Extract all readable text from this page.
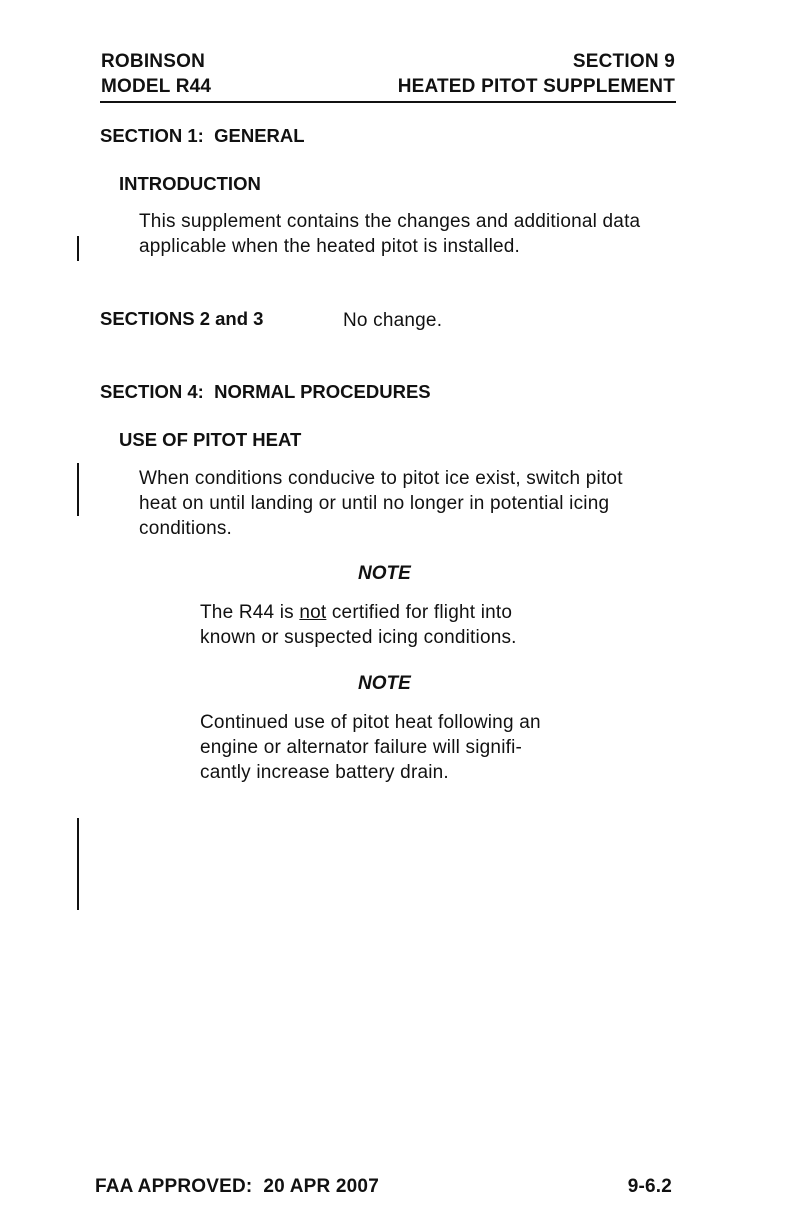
ROBINSON
MODEL R44
SECTION 9
HEATED PITOT SUPPLEMENT
SECTION 1:  GENERAL
INTRODUCTION
This supplement contains the changes and additional data
applicable when the heated pitot is installed.
SECTIONS 2 and 3	No change.
SECTION 4:  NORMAL PROCEDURES
USE OF PITOT HEAT
When conditions conducive to pitot ice exist, switch pitot
heat on until landing or until no longer in potential icing
conditions.
NOTE
The R44 is not certified for flight into
known or suspected icing conditions.
NOTE
Continued use of pitot heat following an
engine or alternator failure will signifi-
cantly increase battery drain.
FAA APPROVED:  20 APR 2007	9-6.2
